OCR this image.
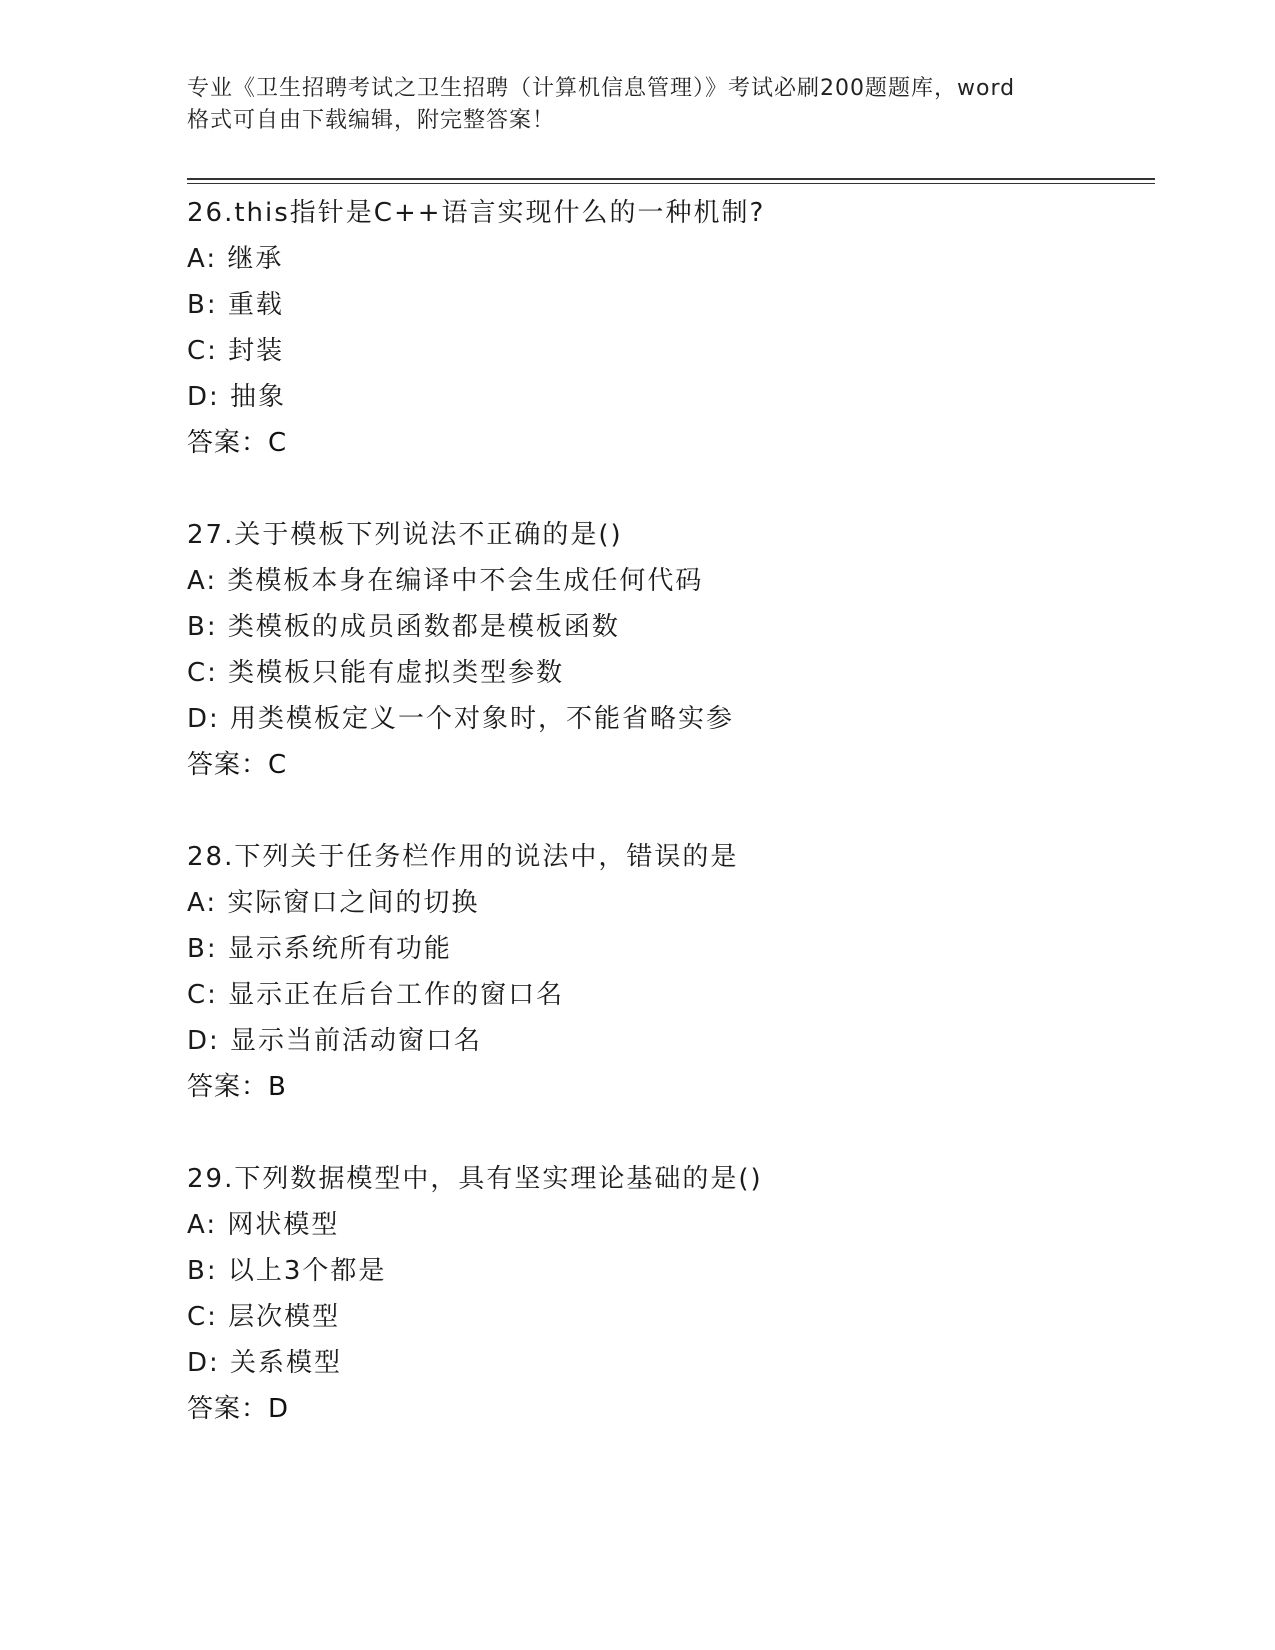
专业《卫生招聘考试之卫生招聘（计算机信息管理）》考试必刷200题题库，word
格式可自由下载编辑，附完整答案！
26.this指针是C++语言实现什么的一种机制?
A: 继承
B: 重载
C: 封装
D: 抽象
答案：C
27.关于模板下列说法不正确的是()
A: 类模板本身在编译中不会生成任何代码
B: 类模板的成员函数都是模板函数
C: 类模板只能有虚拟类型参数
D: 用类模板定义一个对象时，不能省略实参
答案：C
28.下列关于任务栏作用的说法中，错误的是
A: 实际窗口之间的切换
B: 显示系统所有功能
C: 显示正在后台工作的窗口名
D: 显示当前活动窗口名
答案：B
29.下列数据模型中，具有坚实理论基础的是()
A: 网状模型
B: 以上3个都是
C: 层次模型
D: 关系模型
答案：D
